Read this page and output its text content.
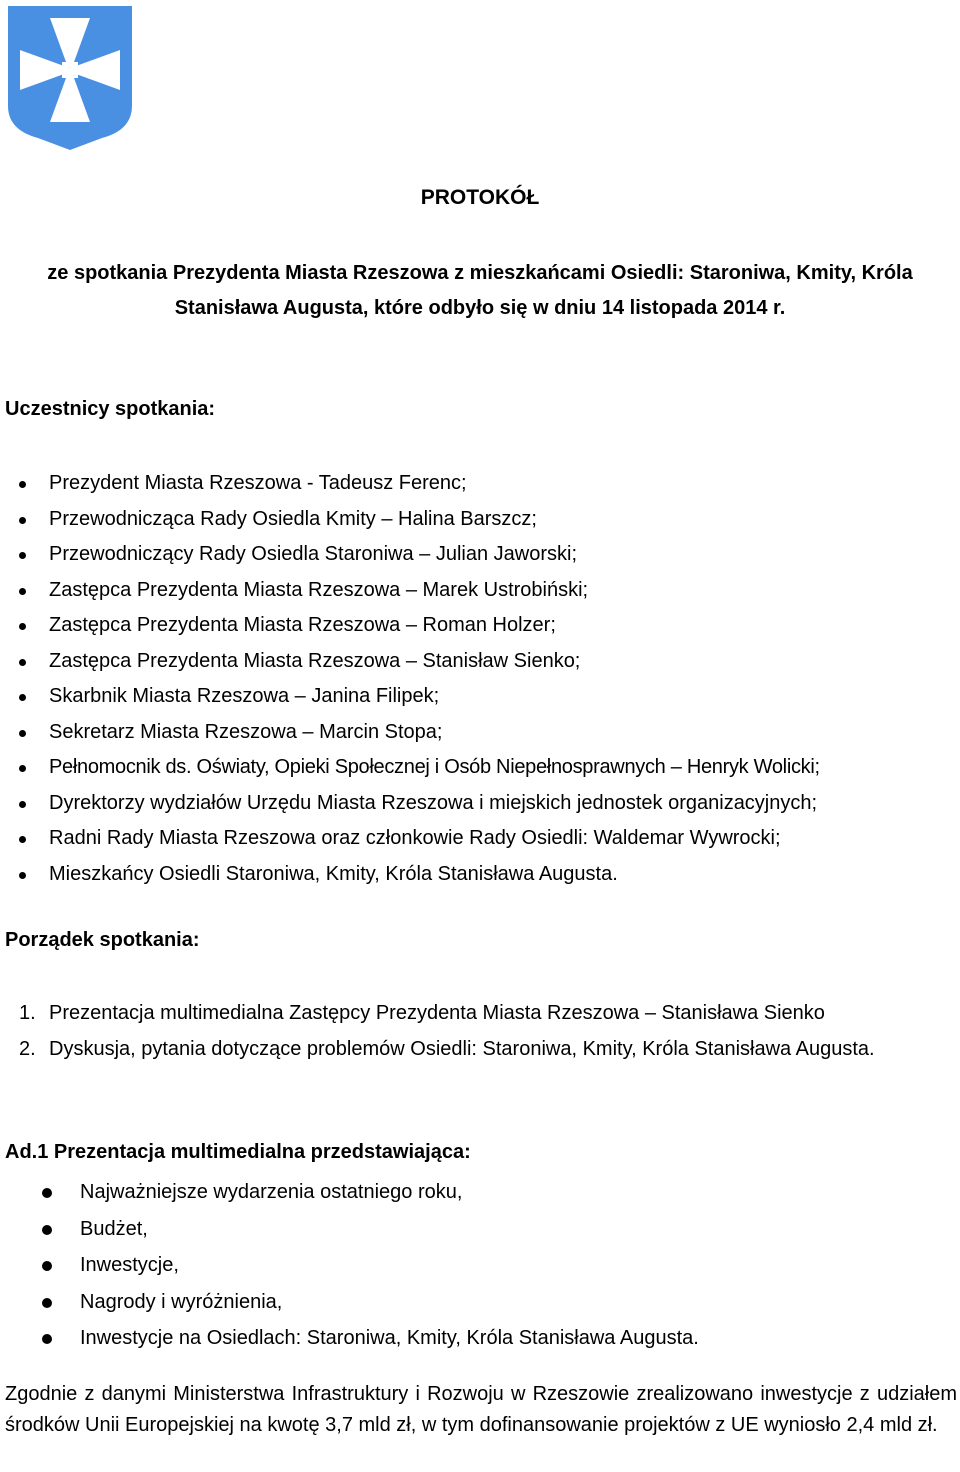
PROTOKÓŁ
ze spotkania Prezydenta Miasta Rzeszowa z mieszkańcami Osiedli: Staroniwa, Kmity, Króla Stanisława Augusta, które odbyło się w dniu 14 listopada 2014 r.
Uczestnicy spotkania:
Prezydent Miasta Rzeszowa - Tadeusz Ferenc;
Przewodnicząca Rady Osiedla Kmity – Halina Barszcz;
Przewodniczący Rady Osiedla Staroniwa – Julian Jaworski;
Zastępca Prezydenta Miasta Rzeszowa – Marek Ustrobiński;
Zastępca Prezydenta Miasta Rzeszowa – Roman Holzer;
Zastępca Prezydenta Miasta Rzeszowa – Stanisław Sienko;
Skarbnik Miasta Rzeszowa – Janina Filipek;
Sekretarz Miasta Rzeszowa – Marcin Stopa;
Pełnomocnik ds. Oświaty, Opieki Społecznej i Osób Niepełnosprawnych – Henryk Wolicki;
Dyrektorzy wydziałów Urzędu Miasta Rzeszowa i miejskich jednostek organizacyjnych;
Radni Rady Miasta Rzeszowa oraz członkowie Rady Osiedli: Waldemar Wywrocki;
Mieszkańcy Osiedli Staroniwa, Kmity, Króla Stanisława Augusta.
Porządek spotkania:
1. Prezentacja multimedialna Zastępcy Prezydenta Miasta Rzeszowa – Stanisława Sienko
2. Dyskusja, pytania dotyczące problemów Osiedli: Staroniwa, Kmity, Króla Stanisława Augusta.
Ad.1 Prezentacja multimedialna przedstawiająca:
Najważniejsze wydarzenia ostatniego roku,
Budżet,
Inwestycje,
Nagrody i wyróżnienia,
Inwestycje na Osiedlach: Staroniwa, Kmity, Króla Stanisława Augusta.
Zgodnie z danymi Ministerstwa Infrastruktury i Rozwoju w Rzeszowie zrealizowano inwestycje z udziałem środków Unii Europejskiej na kwotę 3,7 mld zł, w tym dofinansowanie projektów z UE wyniosło 2,4 mld zł.
